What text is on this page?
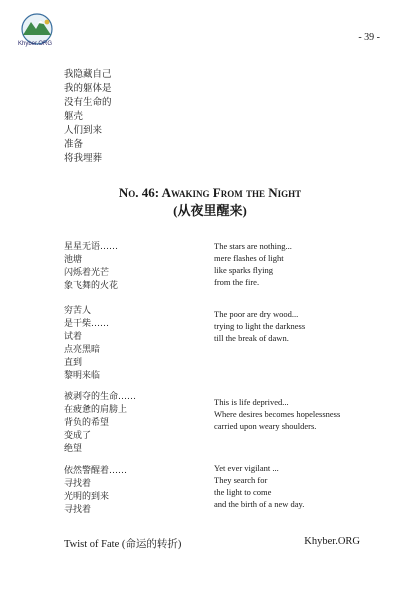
Khyber.ORG
- 39 -
我隐藏自己
我的躯体是
没有生命的
躯壳
人们到来
准备
将我埋葬
No. 46: Awaking From the Night
(从夜里醒来)
星星无语……
池塘
闪烁着光芒
象飞舞的火花
The stars are nothing...
mere flashes of light
like sparks flying
from the fire.
穷苦人
是干柴……
试着
点亮黑暗
直到
黎明来临
The poor are dry wood...
trying to light the darkness
till the break of dawn.
被剥夺的生命……
在疲惫的肩膀上
背负的希望
变成了
绝望
This is life deprived...
Where desires becomes hopelessness
carried upon weary shoulders.
依然警醒着……
寻找着
光明的到来
寻找着
Yet ever vigilant ...
They search for
the light to come
and the birth of a new day.
Twist of Fate (命运的转折)	Khyber.ORG
